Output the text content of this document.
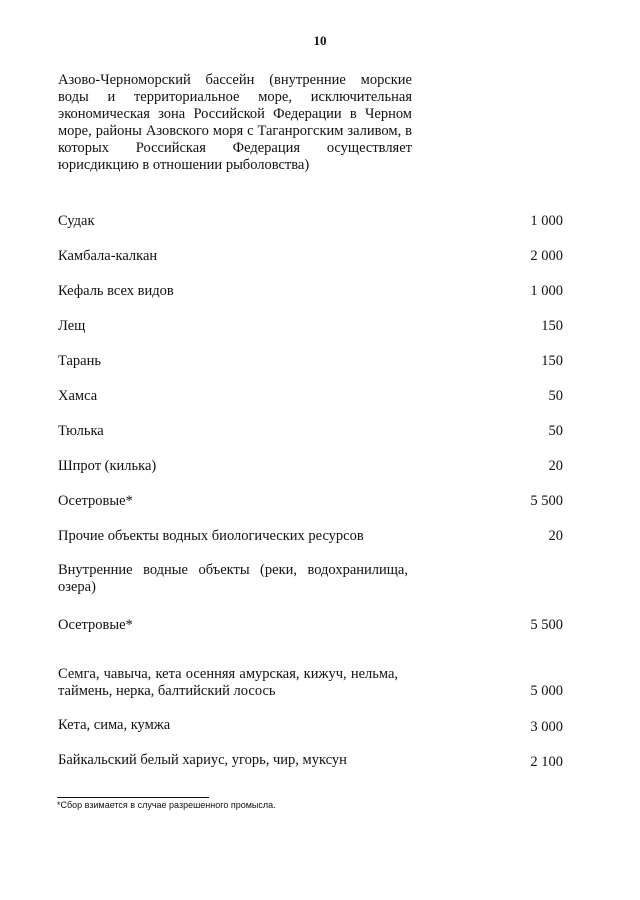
10
Азово-Черноморский бассейн (внутренние морские воды и территориальное море, исключительная экономическая зона Российской Федерации в Черном море, районы Азовского моря с Таганрогским заливом, в которых Российская Федерация осуществляет юрисдикцию в отношении рыболовства)
Судак	1 000
Камбала-калкан	2 000
Кефаль всех видов	1 000
Лещ	150
Тарань	150
Хамса	50
Тюлька	50
Шпрот (килька)	20
Осетровые*	5 500
Прочие объекты водных биологических ресурсов	20
Внутренние водные объекты (реки, водохранилища, озера)
Осетровые*	5 500
Семга, чавыча, кета осенняя амурская, кижуч, нельма, таймень, нерка, балтийский лосось	5 000
Кета, сима, кумжа	3 000
Байкальский белый хариус, угорь, чир, муксун	2 100
*Сбор взимается в случае разрешенного промысла.
